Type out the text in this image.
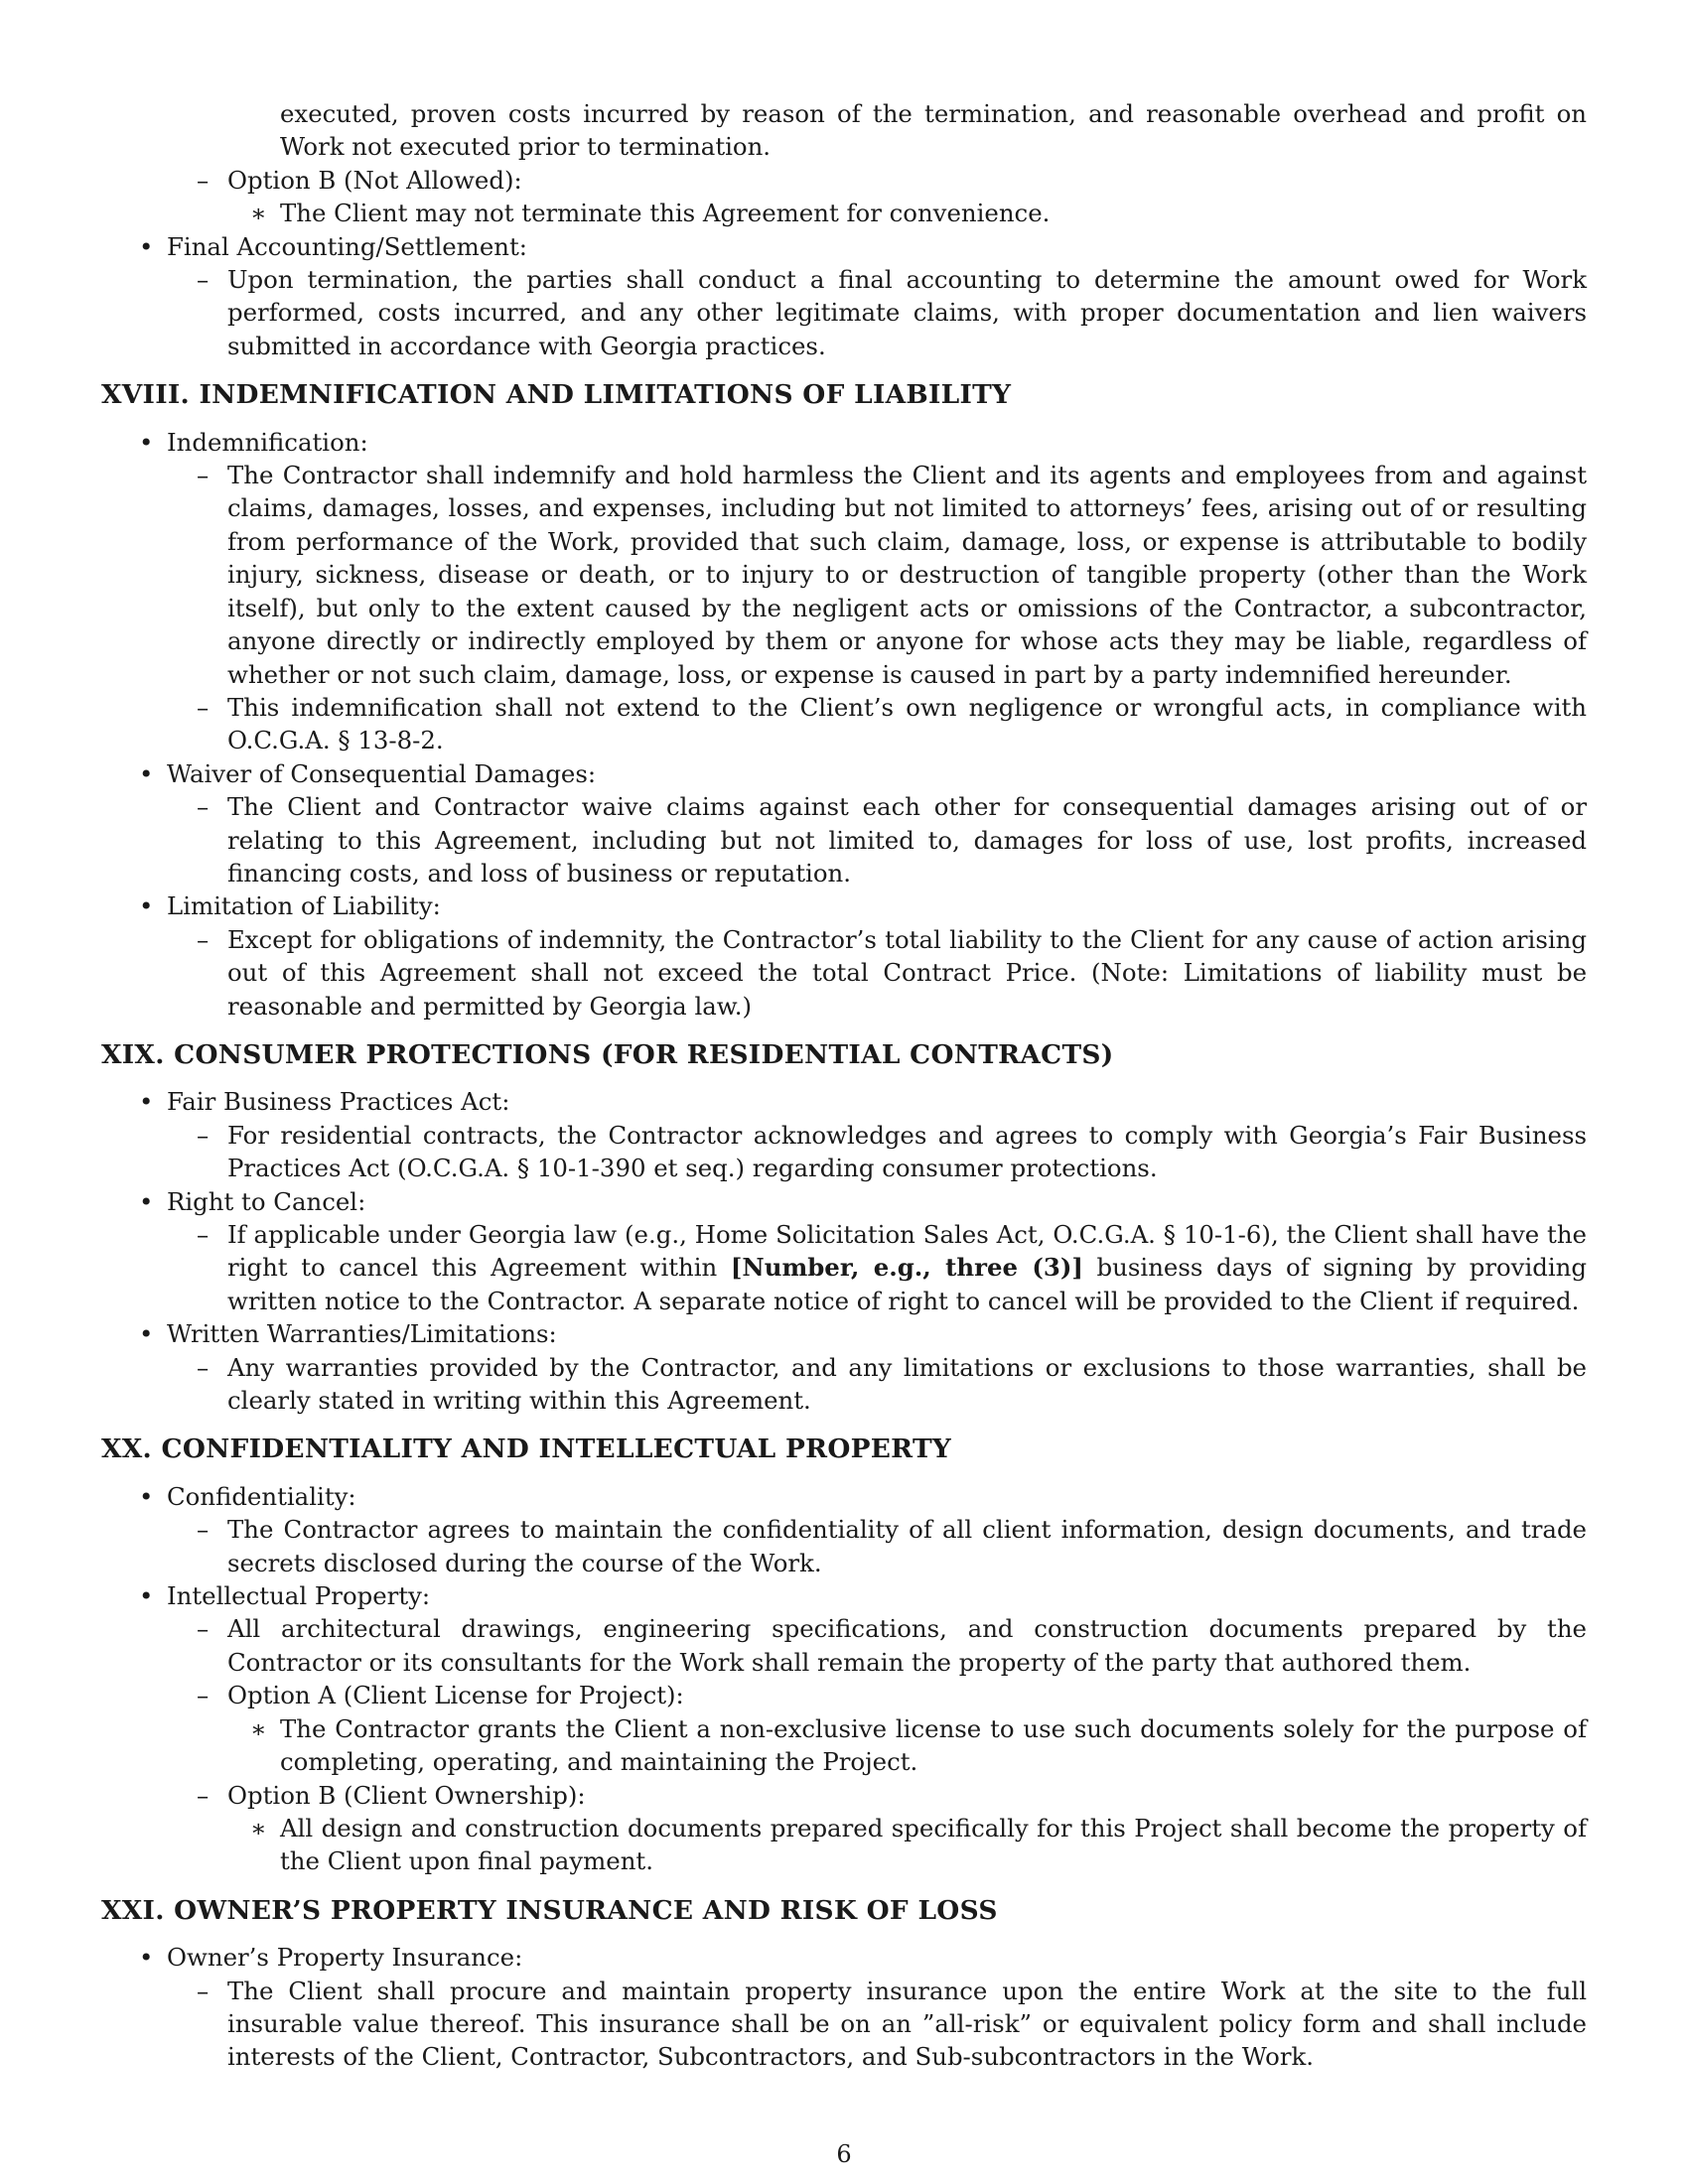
executed, proven costs incurred by reason of the termination, and reasonable overhead and profit on Work not executed prior to termination.
– Option B (Not Allowed):
∗ The Client may not terminate this Agreement for convenience.
• Final Accounting/Settlement:
– Upon termination, the parties shall conduct a final accounting to determine the amount owed for Work performed, costs incurred, and any other legitimate claims, with proper documentation and lien waivers submitted in accordance with Georgia practices.
XVIII. INDEMNIFICATION AND LIMITATIONS OF LIABILITY
• Indemnification:
– The Contractor shall indemnify and hold harmless the Client and its agents and employees from and against claims, damages, losses, and expenses, including but not limited to attorneys’ fees, arising out of or resulting from performance of the Work, provided that such claim, damage, loss, or expense is attributable to bodily injury, sickness, disease or death, or to injury to or destruction of tangible property (other than the Work itself), but only to the extent caused by the negligent acts or omissions of the Contractor, a subcontractor, anyone directly or indirectly employed by them or anyone for whose acts they may be liable, regardless of whether or not such claim, damage, loss, or expense is caused in part by a party indemnified hereunder.
– This indemnification shall not extend to the Client’s own negligence or wrongful acts, in compliance with O.C.G.A. § 13-8-2.
• Waiver of Consequential Damages:
– The Client and Contractor waive claims against each other for consequential damages arising out of or relating to this Agreement, including but not limited to, damages for loss of use, lost profits, increased financing costs, and loss of business or reputation.
• Limitation of Liability:
– Except for obligations of indemnity, the Contractor’s total liability to the Client for any cause of action arising out of this Agreement shall not exceed the total Contract Price. (Note: Limitations of liability must be reasonable and permitted by Georgia law.)
XIX. CONSUMER PROTECTIONS (FOR RESIDENTIAL CONTRACTS)
• Fair Business Practices Act:
– For residential contracts, the Contractor acknowledges and agrees to comply with Georgia’s Fair Business Practices Act (O.C.G.A. § 10-1-390 et seq.) regarding consumer protections.
• Right to Cancel:
– If applicable under Georgia law (e.g., Home Solicitation Sales Act, O.C.G.A. § 10-1-6), the Client shall have the right to cancel this Agreement within [Number, e.g., three (3)] business days of signing by providing written notice to the Contractor. A separate notice of right to cancel will be provided to the Client if required.
• Written Warranties/Limitations:
– Any warranties provided by the Contractor, and any limitations or exclusions to those warranties, shall be clearly stated in writing within this Agreement.
XX. CONFIDENTIALITY AND INTELLECTUAL PROPERTY
• Confidentiality:
– The Contractor agrees to maintain the confidentiality of all client information, design documents, and trade secrets disclosed during the course of the Work.
• Intellectual Property:
– All architectural drawings, engineering specifications, and construction documents prepared by the Contractor or its consultants for the Work shall remain the property of the party that authored them.
– Option A (Client License for Project):
∗ The Contractor grants the Client a non-exclusive license to use such documents solely for the purpose of completing, operating, and maintaining the Project.
– Option B (Client Ownership):
∗ All design and construction documents prepared specifically for this Project shall become the property of the Client upon final payment.
XXI. OWNER’S PROPERTY INSURANCE AND RISK OF LOSS
• Owner’s Property Insurance:
– The Client shall procure and maintain property insurance upon the entire Work at the site to the full insurable value thereof. This insurance shall be on an ”all-risk” or equivalent policy form and shall include interests of the Client, Contractor, Subcontractors, and Sub-subcontractors in the Work.
6
